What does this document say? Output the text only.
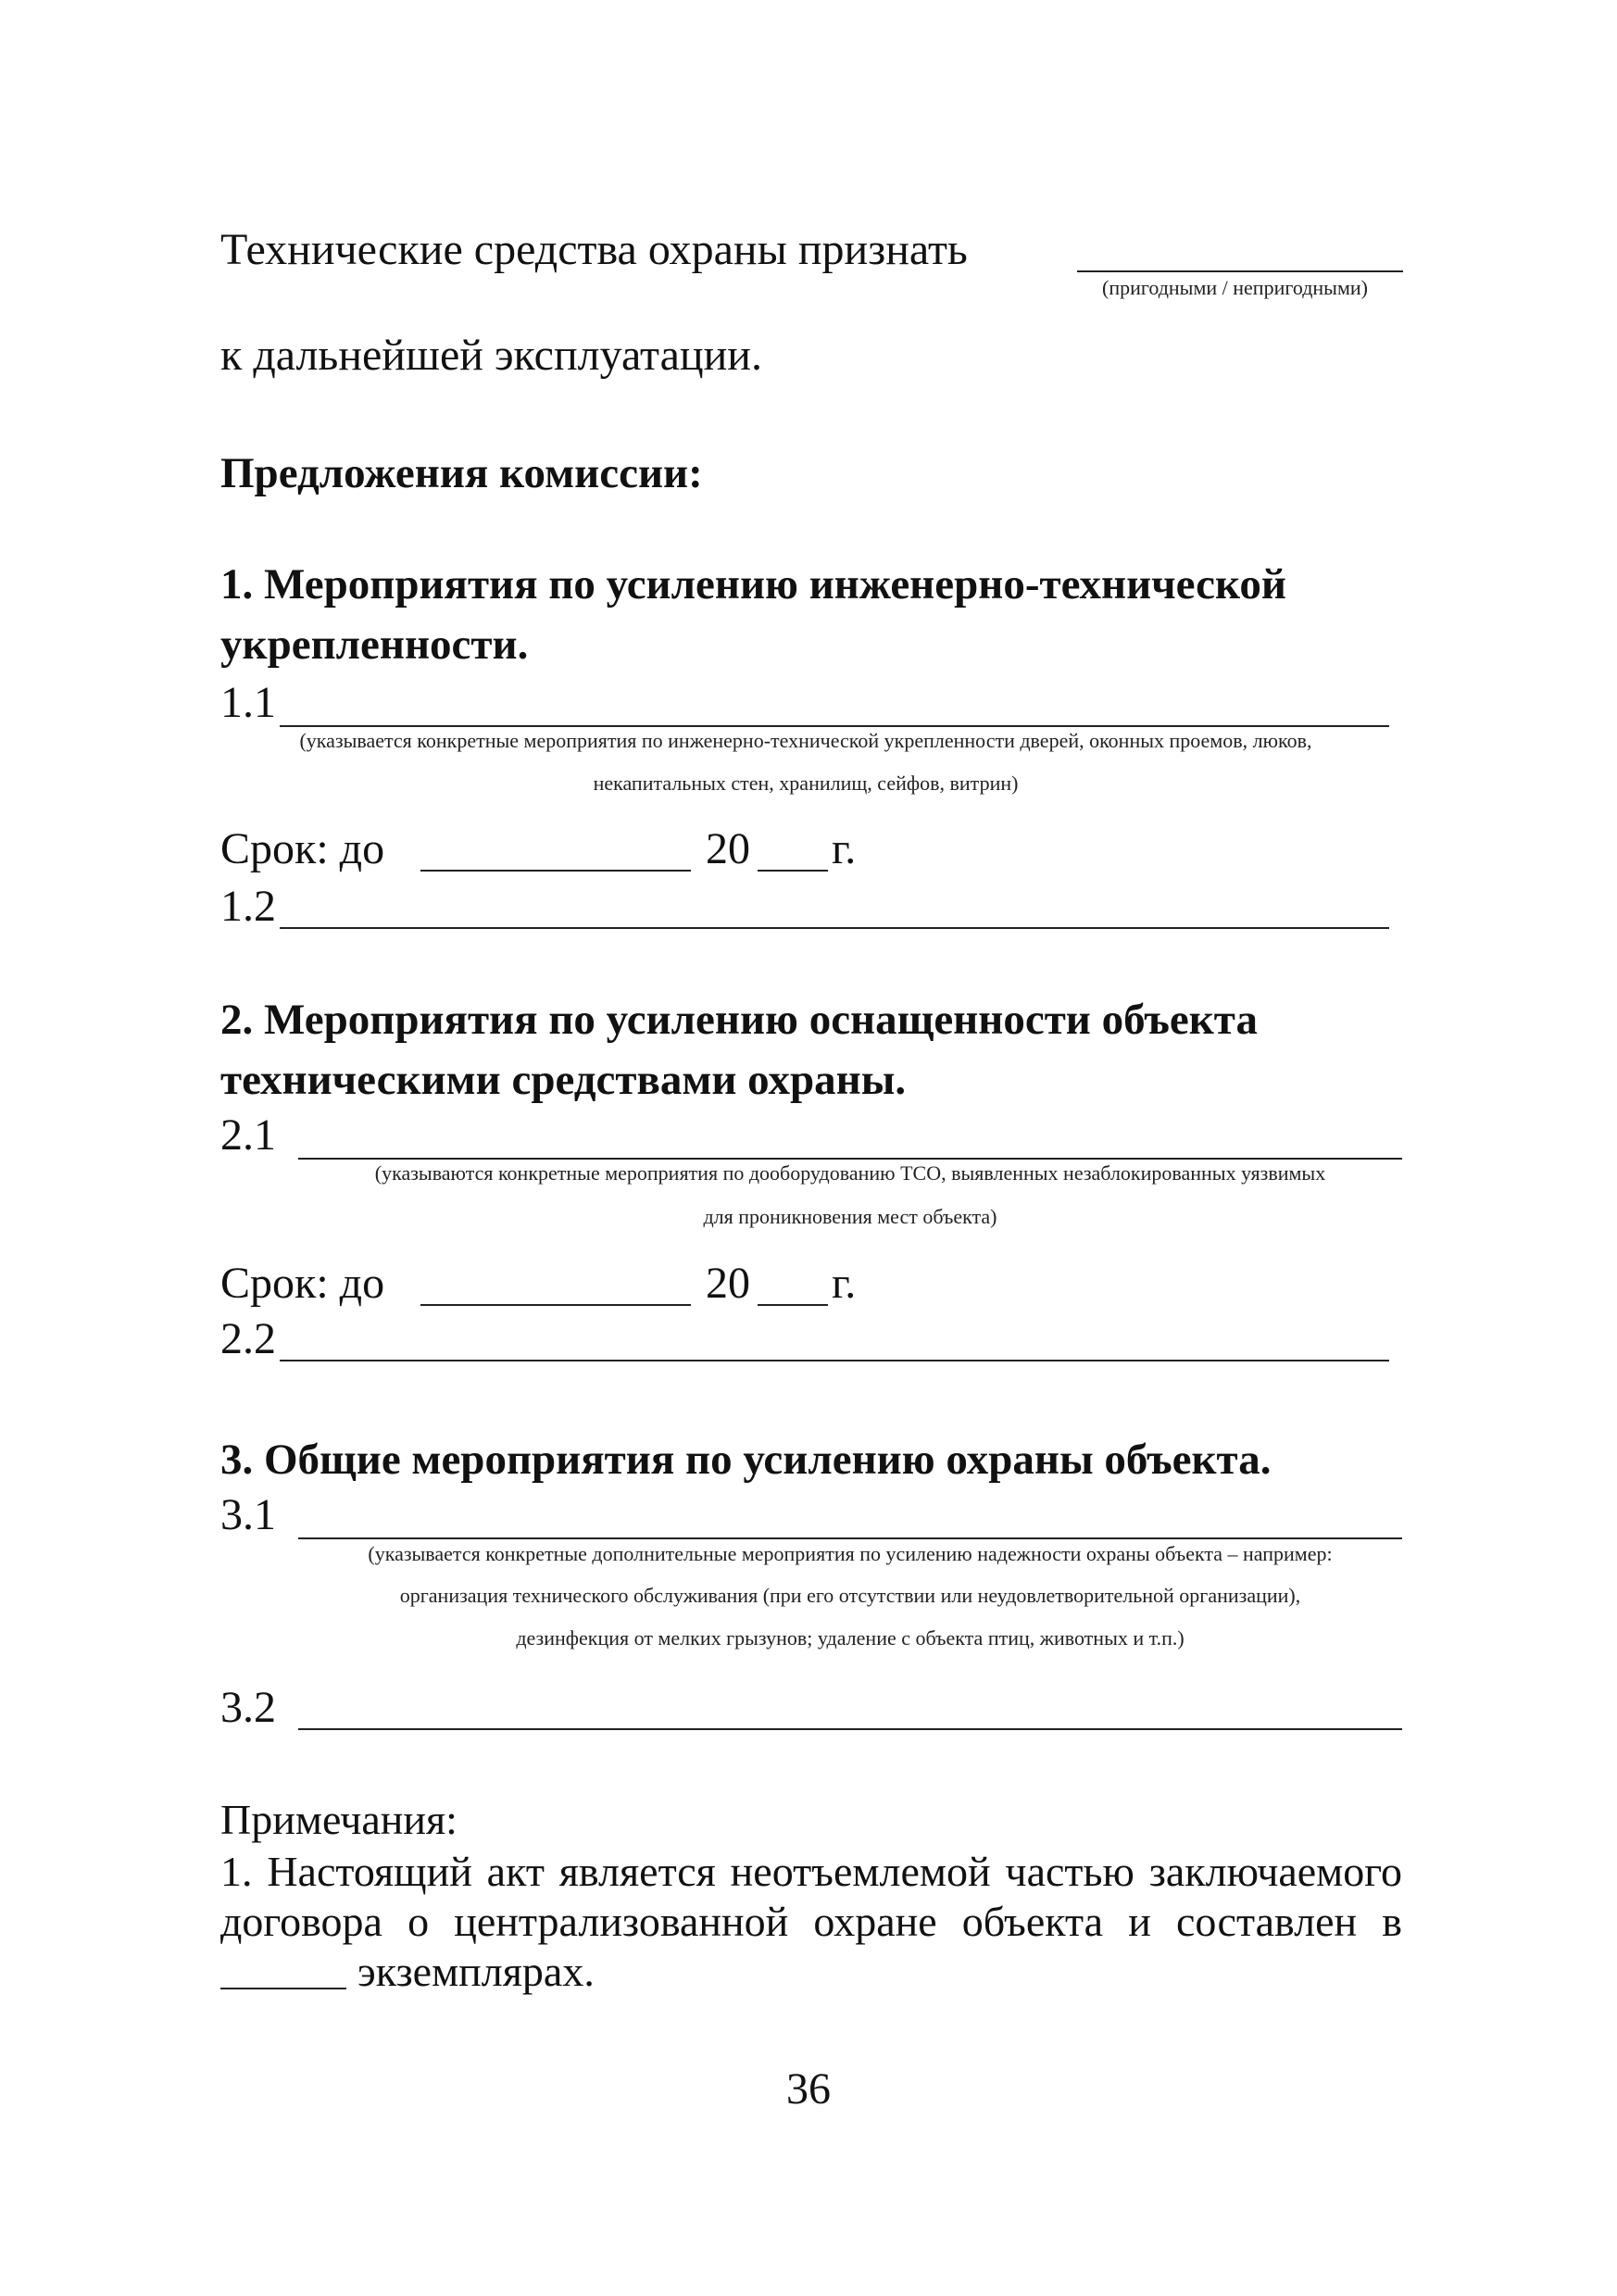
Технические средства охраны признать
(пригодными / непригодными)
к дальнейшей эксплуатации.
Предложения комиссии:
1. Мероприятия по усилению инженерно-технической
укрепленности.
1.1
(указывается конкретные мероприятия по инженерно-технической укрепленности дверей, оконных проемов, люков,
некапитальных стен, хранилищ, сейфов, витрин)
Срок: до	20 г.
1.2
2. Мероприятия по усилению оснащенности объекта
техническими средствами охраны.
2.1
(указываются конкретные мероприятия по дооборудованию ТСО, выявленных незаблокированных уязвимых
для проникновения мест объекта)
Срок: до	20 г.
2.2
3. Общие мероприятия по усилению охраны объекта.
3.1
(указывается конкретные дополнительные мероприятия по усилению надежности охраны объекта – например:
организация технического обслуживания (при его отсутствии или неудовлетворительной организации),
дезинфекция от мелких грызунов; удаление с объекта птиц, животных и т.п.)
3.2
Примечания:
1. Настоящий акт является неотъемлемой частью заключаемого
договора о централизованной охране объекта и составлен в
экземплярах.
36
